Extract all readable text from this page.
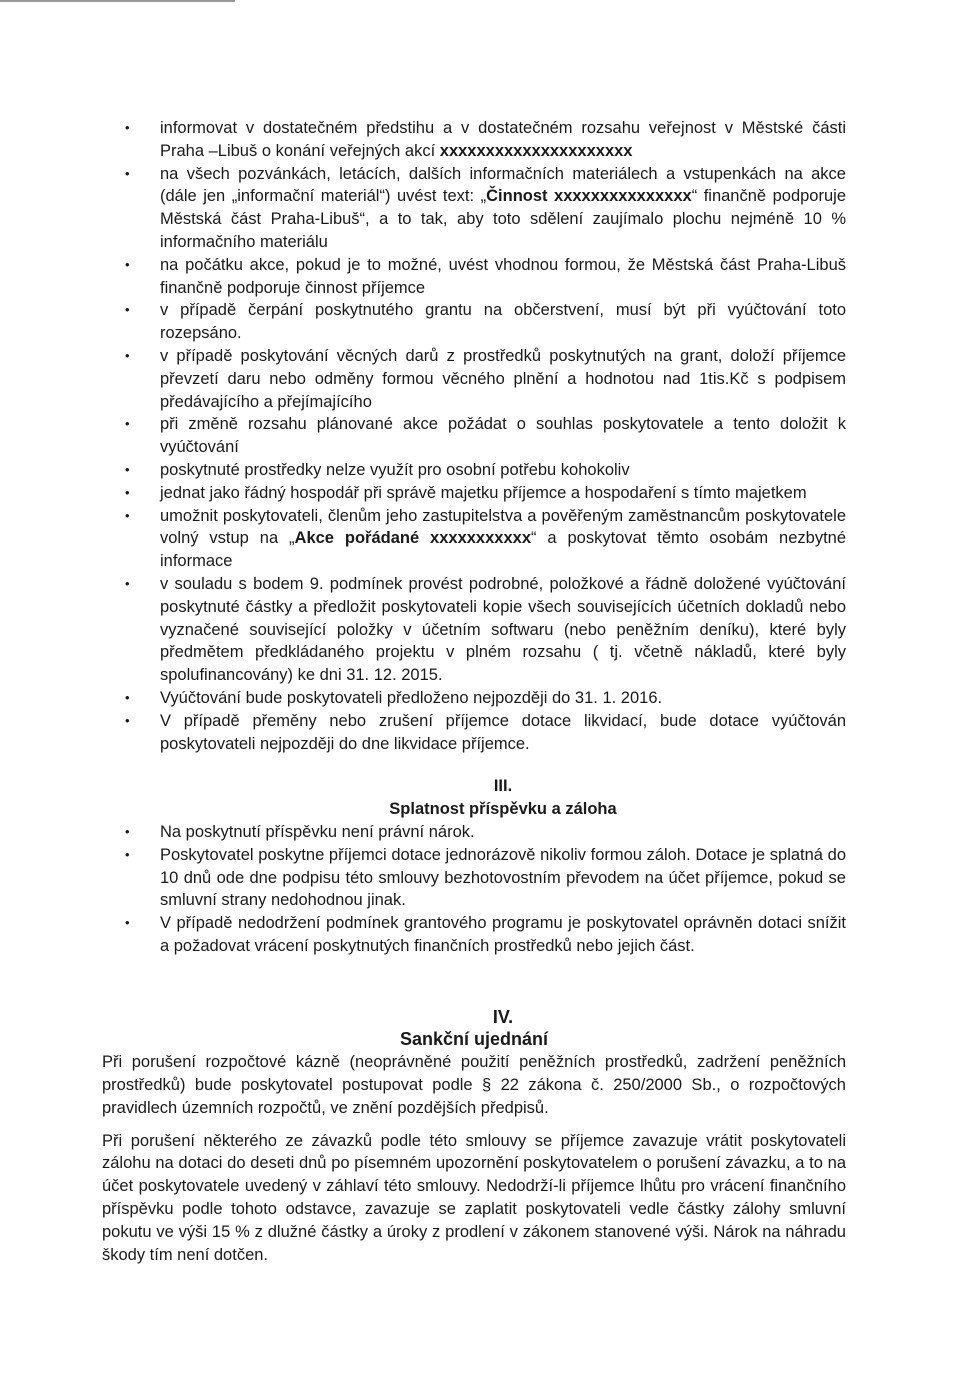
• informovat v dostatečném předstihu a v dostatečném rozsahu veřejnost v Městské části Praha –Libuš o konání veřejných akcí xxxxxxxxxxxxxxxxxxxxx
• na všech pozvánkách, letácích, dalších informačních materiálech a vstupenkách na akce (dále jen „informační materiál“) uvést text: „Činnost xxxxxxxxxxxxxxx“ finančně podporuje Městská část Praha-Libuš“, a to tak, aby toto sdělení zaujímalo plochu nejméně 10 % informačního materiálu
• na počátku akce, pokud je to možné, uvést vhodnou formou, že Městská část Praha-Libuš finančně podporuje činnost příjemce
• v případě čerpání poskytnutého grantu na občerstvení, musí být při vyúčtování toto rozepsáno.
• v případě poskytování věcných darů z prostředků poskytnutých na grant, doloží příjemce převzetí daru nebo odměny formou věcného plnění a hodnotou nad 1tis.Kč s podpisem předávajícího a přejímajícího
• při změně rozsahu plánované akce požádat o souhlas poskytovatele a tento doložit k vyúčtování
• poskytnuté prostředky nelze využít pro osobní potřebu kohokoliv
• jednat jako řádný hospodář při správě majetku příjemce a hospodaření s tímto majetkem
• umožnit poskytovateli, členům jeho zastupitelstva a pověřeným zaměstnancům poskytovatele volný vstup na „Akce pořádané xxxxxxxxxxx“ a poskytovat těmto osobám nezbytné informace
• v souladu s bodem 9. podmínek provést podrobné, položkové a řádně doložené vyúčtování poskytnuté částky a předložit poskytovateli kopie všech souvisejících účetních dokladů nebo vyznačené související položky v účetním softwaru (nebo peněžním deníku), které byly předmětem předkládaného projektu v plném rozsahu ( tj. včetně nákladů, které byly spolufinancovány) ke dni 31. 12. 2015.
• Vyúčtování bude poskytovateli předloženo nejpozději do 31. 1. 2016.
• V případě přeměny nebo zrušení příjemce dotace likvidací, bude dotace vyúčtován poskytovateli nejpozději do dne likvidace příjemce.
III.
Splatnost příspěvku a záloha
• Na poskytnutí příspěvku není právní nárok.
• Poskytovatel poskytne příjemci dotace jednorázově nikoliv formou záloh. Dotace je splatná do 10 dnů ode dne podpisu této smlouvy bezhotovostním převodem na účet příjemce, pokud se smluvní strany nedohodnou jinak.
• V případě nedodržení podmínek grantového programu je poskytovatel oprávněn dotaci snížit a požadovat vrácení poskytnutých finančních prostředků nebo jejich část.
IV.
Sankční ujednání

Při porušení rozpočtové kázně (neoprávněné použití peněžních prostředků, zadržení peněžních prostředků) bude poskytovatel postupovat podle § 22 zákona č. 250/2000 Sb., o rozpočtových pravidlech územních rozpočtů, ve znění pozdějších předpisů.

Při porušení některého ze závazků podle této smlouvy se příjemce zavazuje vrátit poskytovateli zálohu na dotaci do deseti dnů po písemném upozornění poskytovatelem o porušení závazku, a to na účet poskytovatele uvedený v záhlaví této smlouvy. Nedodrží-li příjemce lhůtu pro vrácení finančního příspěvku podle tohoto odstavce, zavazuje se zaplatit poskytovateli vedle částky zálohy smluvní pokutu ve výši 15 % z dlužné částky a úroky z prodlení v zákonem stanovené výši. Nárok na náhradu škody tím není dotčen.
